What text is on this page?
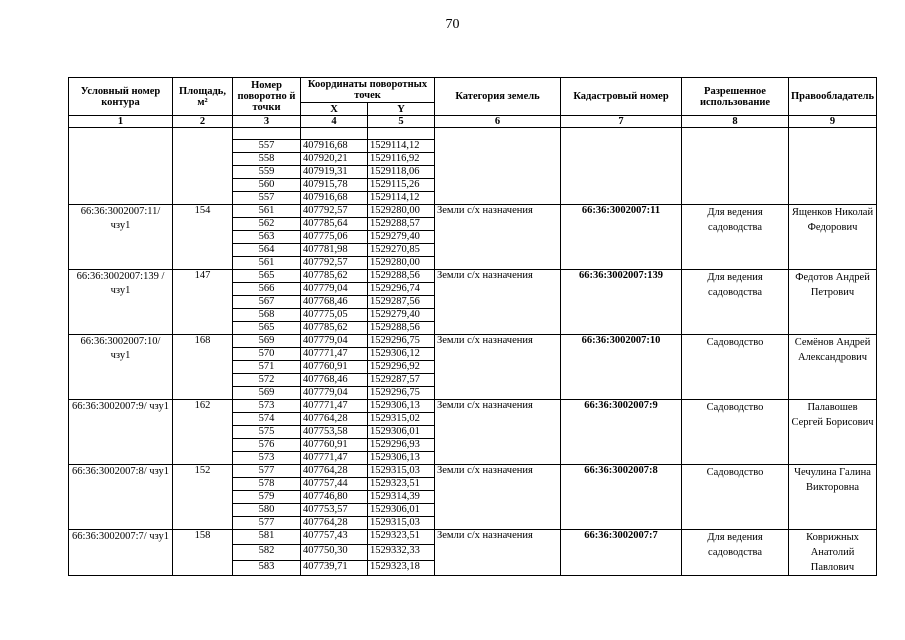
70
Условный номер контура	Площадь, м²	Номер поворотно й точки	Координаты поворотных точек		Категория земель	Кадастровый номер	Разрешенное использование	Правообладатель
			X	Y				
1	2	3	4	5	6	7	8	9

		557	407916,68	1529114,12				
		558	407920,21	1529116,92				
		559	407919,31	1529118,06				
		560	407915,78	1529115,26				
		557	407916,68	1529114,12				
66:36:3002007:11/ чзу1	154	561	407792,57	1529280,00	Земли с/х назначения	66:36:3002007:11	Для ведения садоводства	Ященков Николай Федорович
		562	407785,64	1529288,57				
		563	407775,06	1529279,40				
		564	407781,98	1529270,85				
		561	407792,57	1529280,00				
66:36:3002007:139 /чзу1	147	565	407785,62	1529288,56	Земли с/х назначения	66:36:3002007:139	Для ведения садоводства	Федотов Андрей Петрович
		566	407779,04	1529296,74				
		567	407768,46	1529287,56				
		568	407775,05	1529279,40				
		565	407785,62	1529288,56				
66:36:3002007:10/ чзу1	168	569	407779,04	1529296,75	Земли с/х назначения	66:36:3002007:10	Садоводство	Семёнов Андрей Александрович
		570	407771,47	1529306,12				
		571	407760,91	1529296,92				
		572	407768,46	1529287,57				
		569	407779,04	1529296,75				
66:36:3002007:9/ чзу1	162	573	407771,47	1529306,13	Земли с/х назначения	66:36:3002007:9	Садоводство	Палавошев Сергей Борисович
		574	407764,28	1529315,02				
		575	407753,58	1529306,01				
		576	407760,91	1529296,93				
		573	407771,47	1529306,13				
66:36:3002007:8/ чзу1	152	577	407764,28	1529315,03	Земли с/х назначения	66:36:3002007:8	Садоводство	Чечулина Галина Викторовна
		578	407757,44	1529323,51				
		579	407746,80	1529314,39				
		580	407753,57	1529306,01				
		577	407764,28	1529315,03				
66:36:3002007:7/ чзу1	158	581	407757,43	1529323,51	Земли с/х назначения	66:36:3002007:7	Для ведения садоводства	Коврижных Анатолий Павлович
		582	407750,30	1529332,33				
		583	407739,71	1529323,18				
